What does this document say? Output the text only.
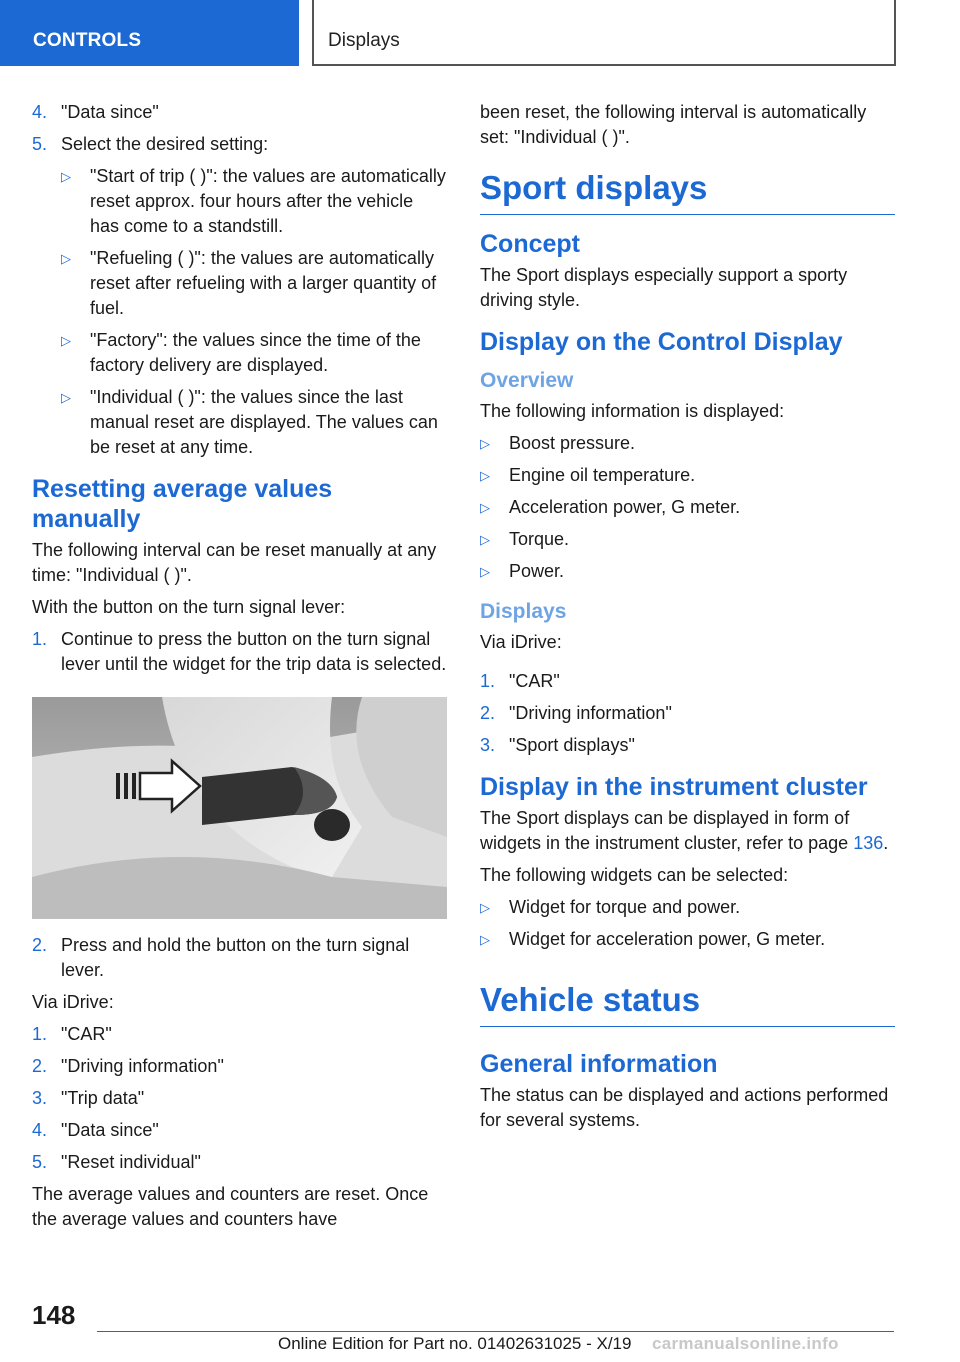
CONTROLS	Displays
4. "Data since"
5. Select the desired setting:
▷	"Start of trip ( )": the values are automatically reset approx. four hours after the vehicle has come to a standstill.
▷	"Refueling ( )": the values are automatically reset after refueling with a larger quantity of fuel.
▷	"Factory": the values since the time of the factory delivery are displayed.
▷	"Individual ( )": the values since the last manual reset are displayed. The values can be reset at any time.
Resetting average values manually

The following interval can be reset manually at any time: "Individual ( )".

With the button on the turn signal lever:

1. Continue to press the button on the turn signal lever until the widget for the trip data is selected.
2. Press and hold the button on the turn signal lever.

Via iDrive:

1. "CAR"
2. "Driving information"
3. "Trip data"
4. "Data since"
5. "Reset individual"

The average values and counters are reset. Once the average values and counters have

been reset, the following interval is automatically set: "Individual ( )".

Sport displays
Concept

The Sport displays especially support a sporty driving style.

Display on the Control Display
Overview

The following information is displayed:

▷	Boost pressure.
▷	Engine oil temperature.
▷	Acceleration power, G meter.
▷	Torque.
▷	Power.
Displays

Via iDrive:

1. "CAR"
2. "Driving information"
3. "Sport displays"
Display in the instrument cluster

The Sport displays can be displayed in form of widgets in the instrument cluster, refer to page 136.

The following widgets can be selected:

▷	Widget for torque and power.
▷	Widget for acceleration power, G meter.
Vehicle status
General information

The status can be displayed and actions performed for several systems.

148
Online Edition for Part no. 01402631025 - X/19 carmanualsonline.info
